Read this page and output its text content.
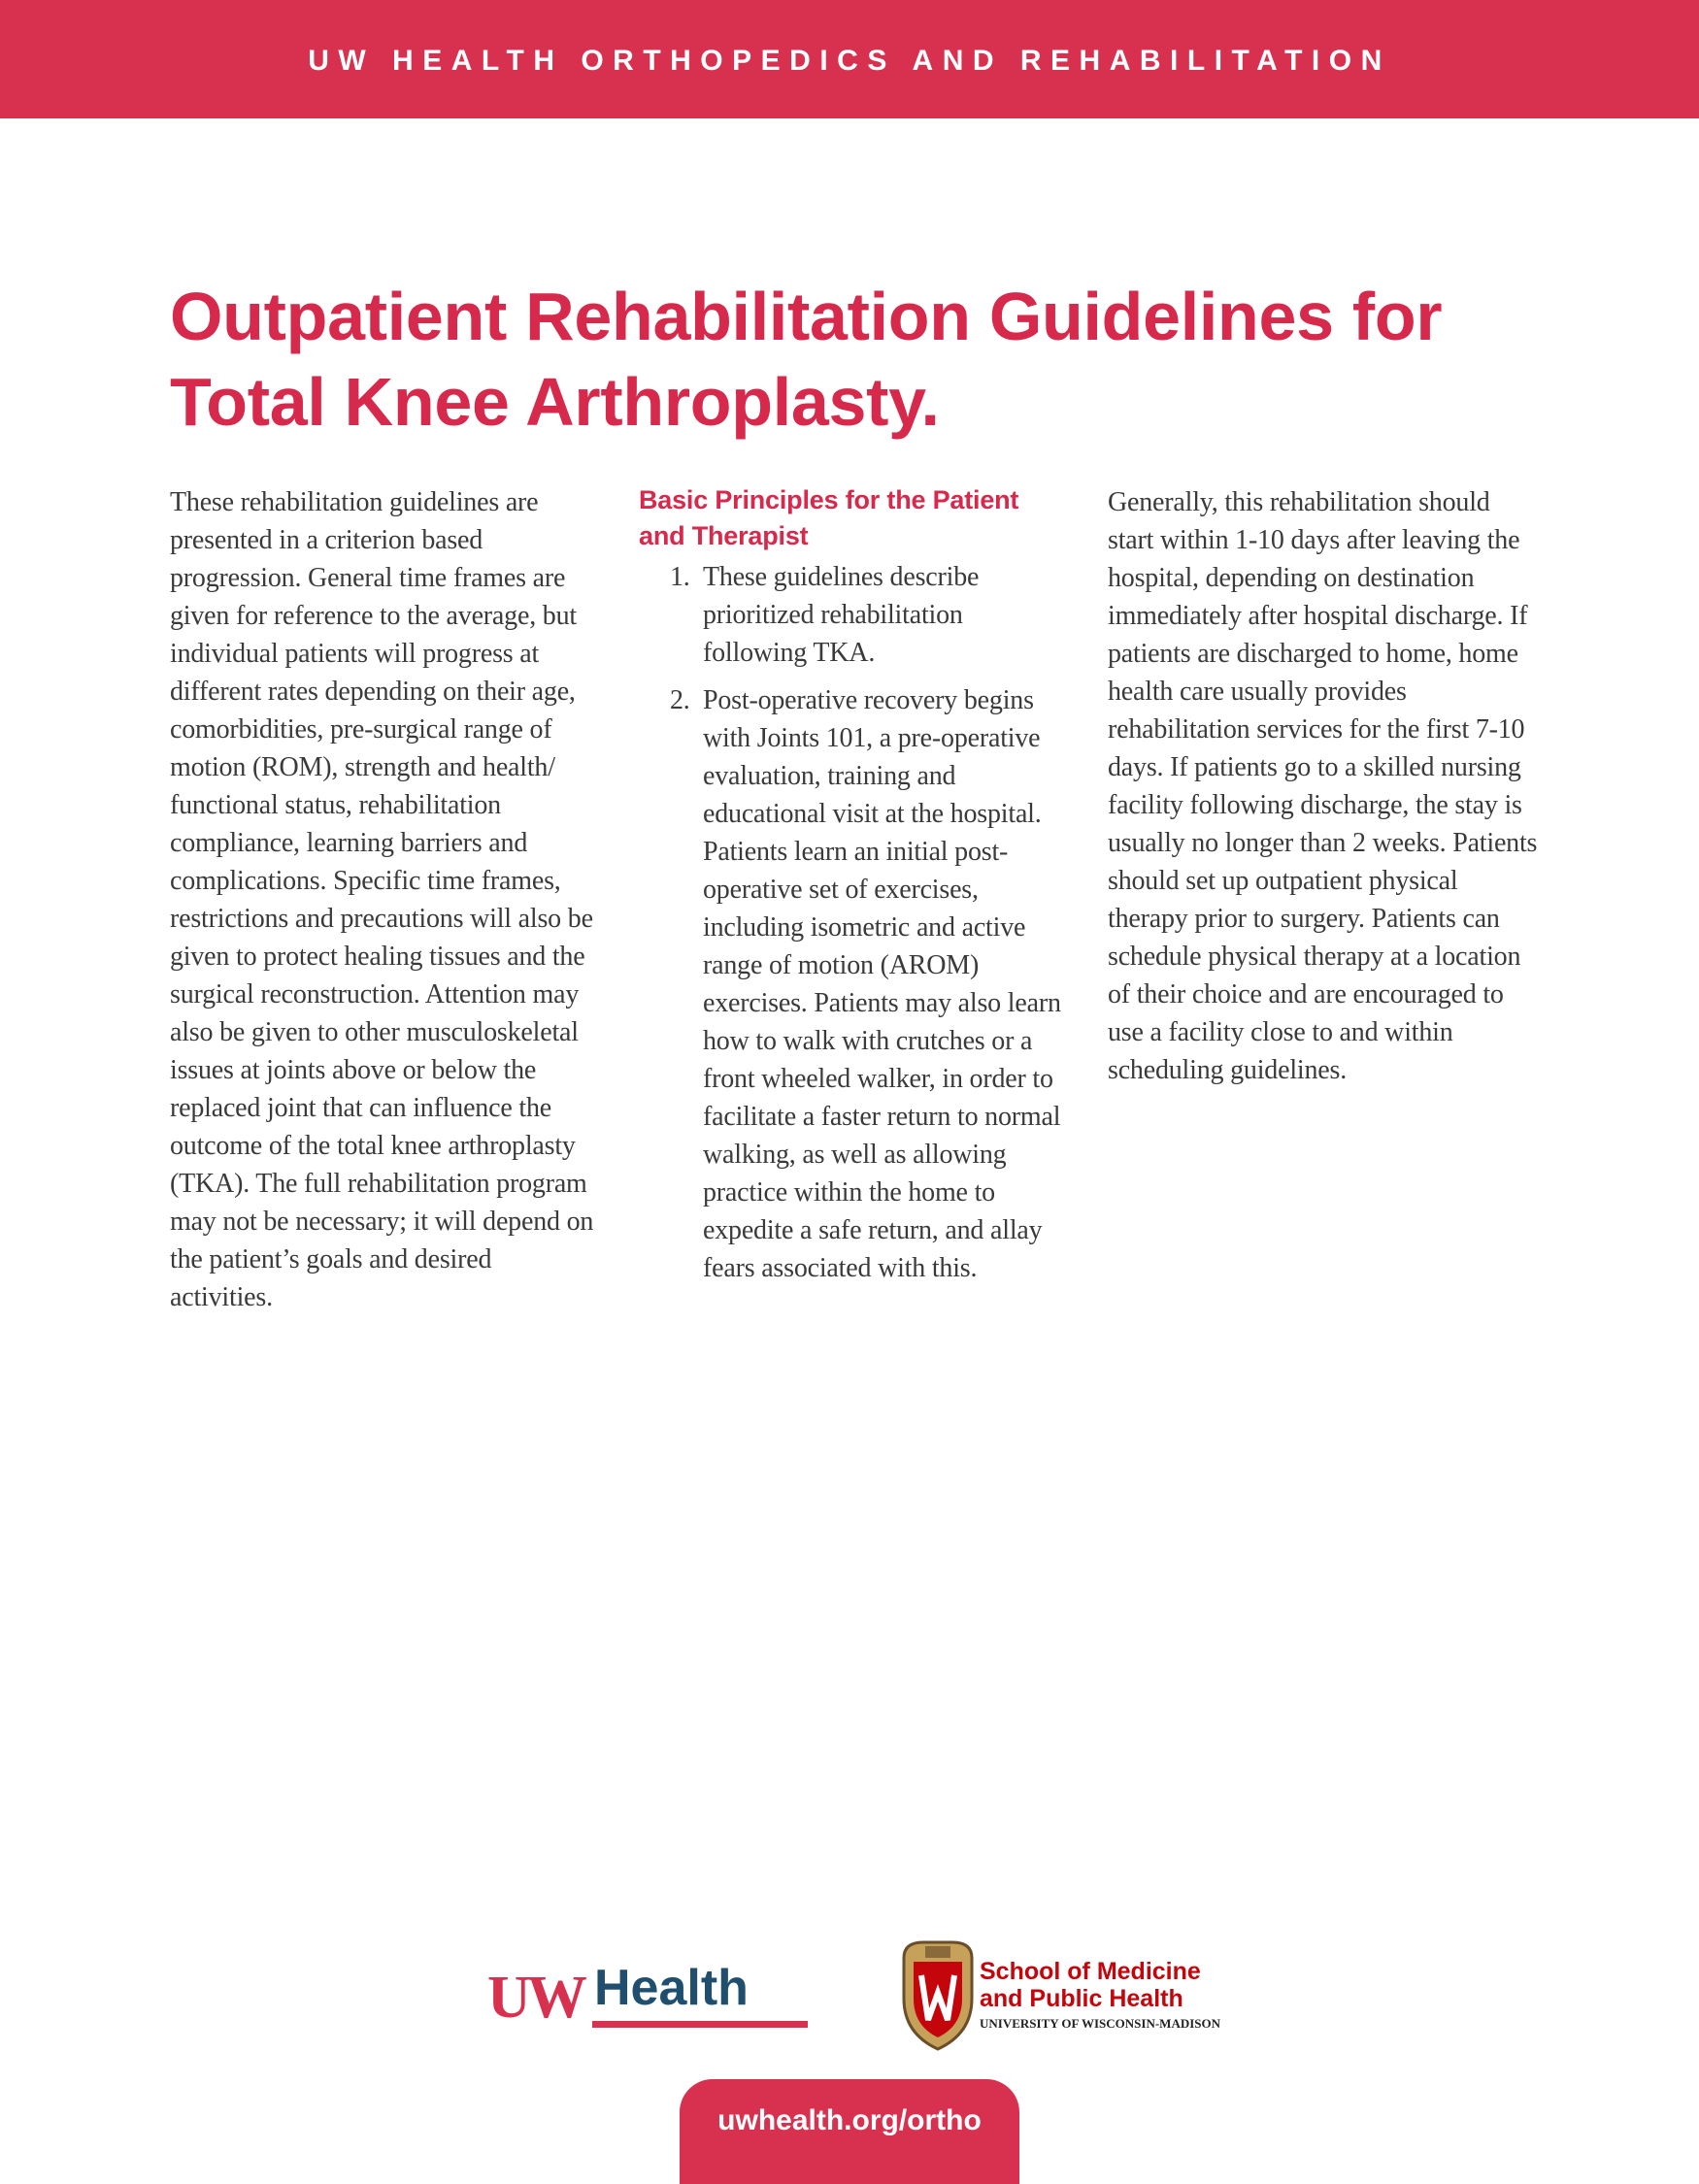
UW HEALTH ORTHOPEDICS AND REHABILITATION
Outpatient Rehabilitation Guidelines for
Total Knee Arthroplasty.

These rehabilitation guidelines are presented in a criterion based progression. General time frames are given for reference to the average, but individual patients will progress at different rates depending on their age, comorbidities, pre-surgical range of motion (ROM), strength and health/ functional status, rehabilitation compliance, learning barriers and complications. Specific time frames, restrictions and precautions will also be given to protect healing tissues and the surgical reconstruction. Attention may also be given to other musculoskeletal issues at joints above or below the replaced joint that can influence the outcome of the total knee arthroplasty (TKA). The full rehabilitation program may not be necessary; it will depend on the patient’s goals and desired activities.

Basic Principles for the Patient and Therapist
1. These guidelines describe prioritized rehabilitation following TKA.
2. Post-operative recovery begins with Joints 101, a pre-operative evaluation, training and educational visit at the hospital. Patients learn an initial post-operative set of exercises, including isometric and active range of motion (AROM) exercises. Patients may also learn how to walk with crutches or a front wheeled walker, in order to facilitate a faster return to normal walking, as well as allowing practice within the home to expedite a safe return, and allay fears associated with this.

Generally, this rehabilitation should start within 1-10 days after leaving the hospital, depending on destination immediately after hospital discharge. If patients are discharged to home, home health care usually provides rehabilitation services for the first 7-10 days. If patients go to a skilled nursing facility following discharge, the stay is usually no longer than 2 weeks. Patients should set up outpatient physical therapy prior to surgery. Patients can schedule physical therapy at a location of their choice and are encouraged to use a facility close to and within scheduling guidelines.

UW Health	School of Medicine
and Public Health
UNIVERSITY OF WISCONSIN-MADISON
uwhealth.org/ortho
